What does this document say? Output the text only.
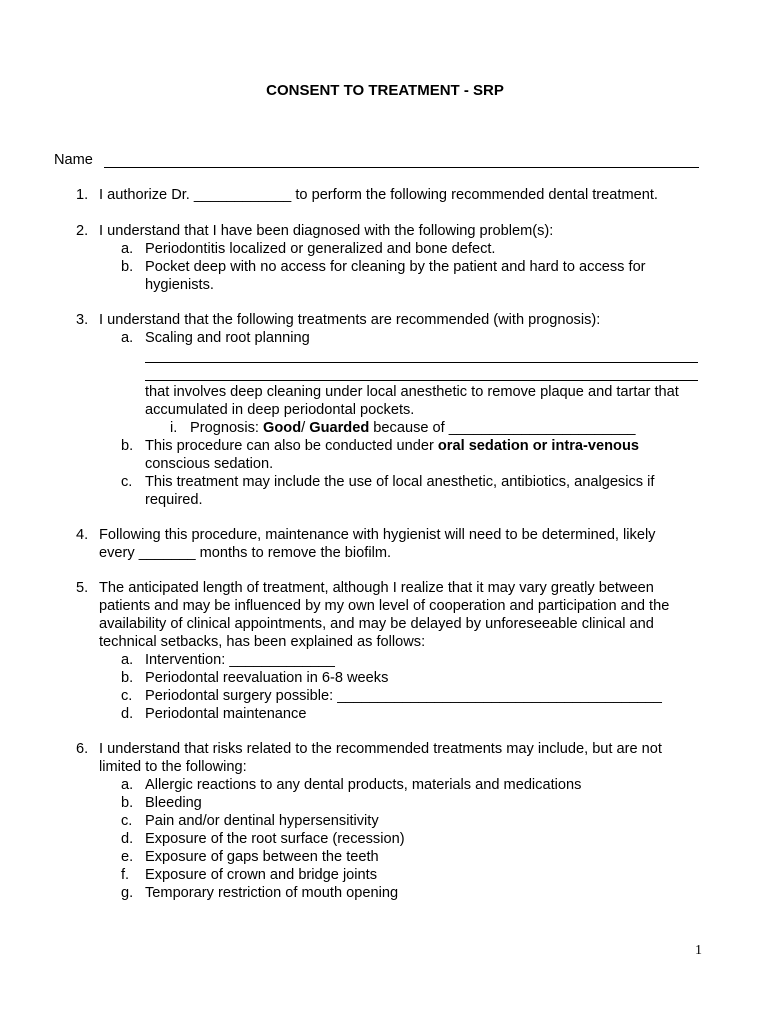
CONSENT TO TREATMENT - SRP
Name
1. I authorize Dr. ____________ to perform the following recommended dental treatment.
2. I understand that I have been diagnosed with the following problem(s):
a. Periodontitis localized or generalized and bone defect.
b. Pocket deep with no access for cleaning by the patient and hard to access for
hygienists.
3. I understand that the following treatments are recommended (with prognosis):
a. Scaling and root planning
that involves deep cleaning under local anesthetic to remove plaque and tartar that
accumulated in deep periodontal pockets.
i. Prognosis: Good/ Guarded because of _______________________
b. This procedure can also be conducted under oral sedation or intra-venous
conscious sedation.
c. This treatment may include the use of local anesthetic, antibiotics, analgesics if
required.
4. Following this procedure, maintenance with hygienist will need to be determined, likely
every _______ months to remove the biofilm.
5. The anticipated length of treatment, although I realize that it may vary greatly between
patients and may be influenced by my own level of cooperation and participation and the
availability of clinical appointments, and may be delayed by unforeseeable clinical and
technical setbacks, has been explained as follows:
a. Intervention: _____________
b. Periodontal reevaluation in 6-8 weeks
c. Periodontal surgery possible: ________________________________________
d. Periodontal maintenance
6. I understand that risks related to the recommended treatments may include, but are not
limited to the following:
a. Allergic reactions to any dental products, materials and medications
b. Bleeding
c. Pain and/or dentinal hypersensitivity
d. Exposure of the root surface (recession)
e. Exposure of gaps between the teeth
f. Exposure of crown and bridge joints
g. Temporary restriction of mouth opening
1
